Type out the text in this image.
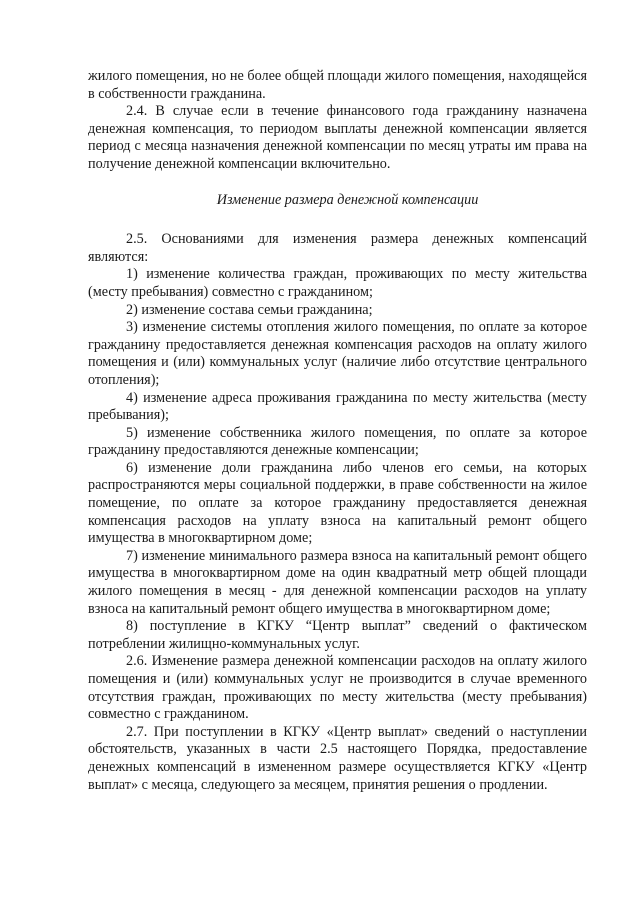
жилого помещения, но не более общей площади жилого помещения, находящейся в собственности гражданина.

2.4. В случае если в течение финансового года гражданину назначена денежная компенсация, то периодом выплаты денежной компенсации является период с месяца назначения денежной компенсации по месяц утраты им права на получение денежной компенсации включительно.

Изменение размера денежной компенсации

2.5. Основаниями для изменения размера денежных компенсаций являются:

1) изменение количества граждан, проживающих по месту жительства (месту пребывания) совместно с гражданином;

2) изменение состава семьи гражданина;

3) изменение системы отопления жилого помещения, по оплате за которое гражданину предоставляется денежная компенсация расходов на оплату жилого помещения и (или) коммунальных услуг (наличие либо отсутствие центрального отопления);

4) изменение адреса проживания гражданина по месту жительства (месту пребывания);

5) изменение собственника жилого помещения, по оплате за которое гражданину предоставляются денежные компенсации;

6) изменение доли гражданина либо членов его семьи, на которых распространяются меры социальной поддержки, в праве собственности на жилое помещение, по оплате за которое гражданину предоставляется денежная компенсация расходов на уплату взноса на капитальный ремонт общего имущества в многоквартирном доме;

7) изменение минимального размера взноса на капитальный ремонт общего имущества в многоквартирном доме на один квадратный метр общей площади жилого помещения в месяц - для денежной компенсации расходов на уплату взноса на капитальный ремонт общего имущества в многоквартирном доме;

8) поступление в КГКУ “Центр выплат” сведений о фактическом потреблении жилищно-коммунальных услуг.

2.6. Изменение размера денежной компенсации расходов на оплату жилого помещения и (или) коммунальных услуг не производится в случае временного отсутствия граждан, проживающих по месту жительства (месту пребывания) совместно с гражданином.

2.7. При поступлении в КГКУ «Центр выплат» сведений о наступлении обстоятельств, указанных в части 2.5 настоящего Порядка, предоставление денежных компенсаций в измененном размере осуществляется КГКУ «Центр выплат» с месяца, следующего за месяцем, принятия решения о продлении.
